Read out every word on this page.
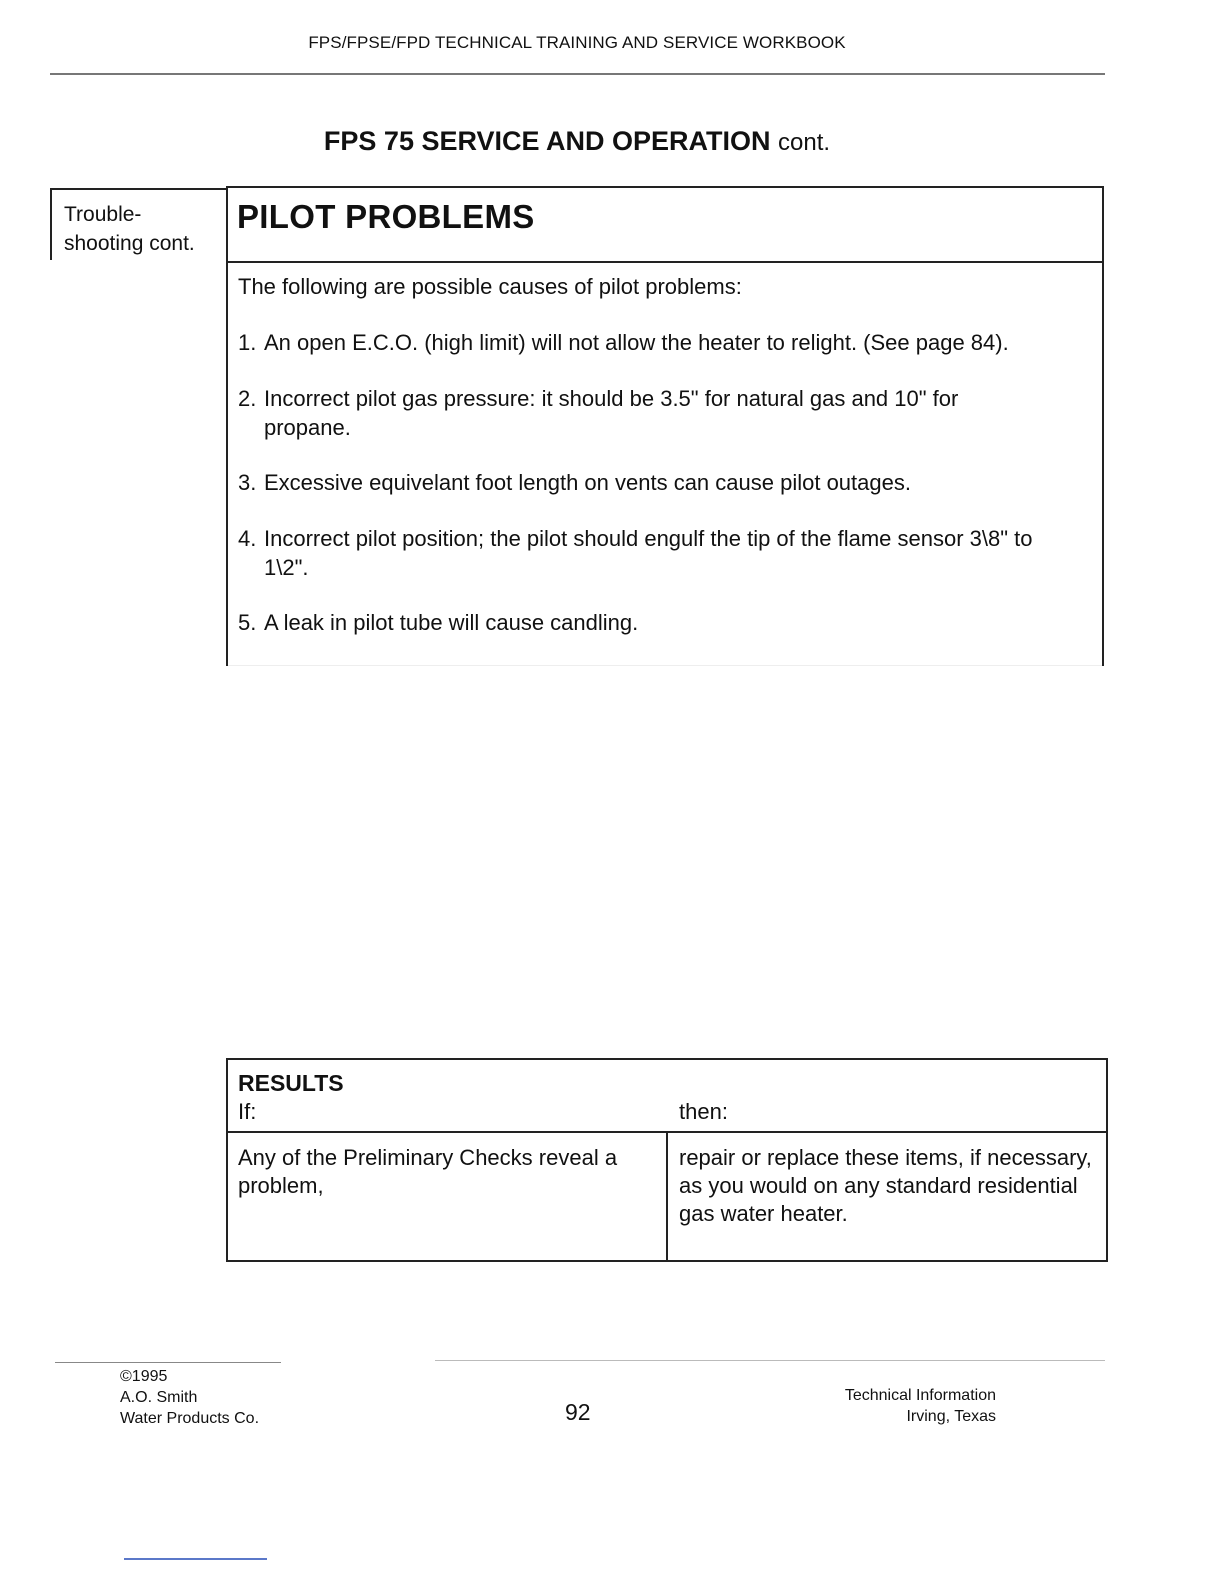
FPS/FPSE/FPD TECHNICAL TRAINING AND SERVICE WORKBOOK
FPS 75 SERVICE AND OPERATION cont.
Trouble-
shooting cont.
PILOT PROBLEMS
The following are possible causes of pilot problems:
1. An open E.C.O. (high limit) will not allow the heater to relight. (See page 84).
2. Incorrect pilot gas pressure: it should be 3.5" for natural gas and 10" for
propane.
3. Excessive equivelant foot length on vents can cause pilot outages.
4. Incorrect pilot position; the pilot should engulf the tip of the flame sensor 3\8" to
1\2".
5. A leak in pilot tube will cause candling.
RESULTS
If:	then:
Any of the Preliminary Checks reveal a problem,
repair or replace these items, if necessary, as you would on any standard residential gas water heater.
©1995
A.O. Smith
Water Products Co.	92
Technical Information
Irving, Texas
